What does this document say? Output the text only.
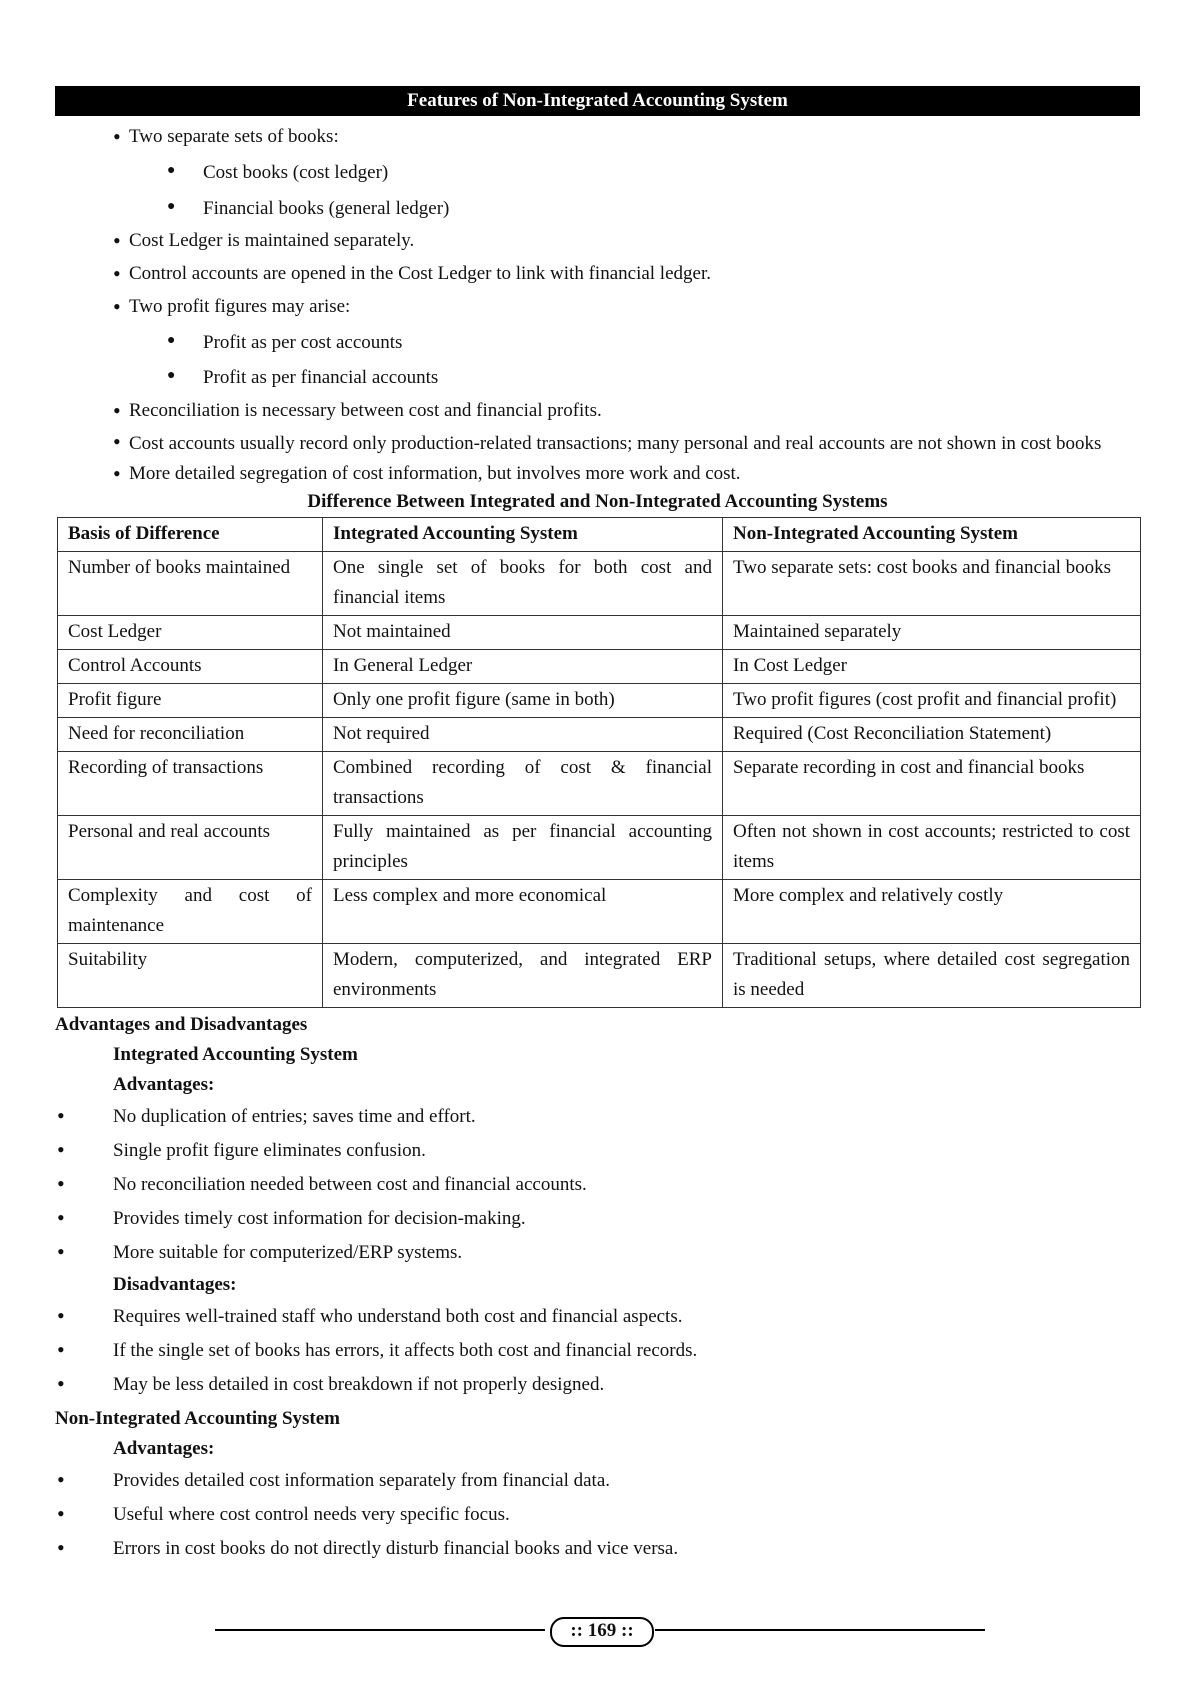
Features of Non-Integrated Accounting System
• Two separate sets of books:
● Cost books (cost ledger)
● Financial books (general ledger)
• Cost Ledger is maintained separately.
• Control accounts are opened in the Cost Ledger to link with financial ledger.
• Two profit figures may arise:
● Profit as per cost accounts
● Profit as per financial accounts
• Reconciliation is necessary between cost and financial profits.
• Cost accounts usually record only production-related transactions; many personal and real accounts are not shown in cost books
• More detailed segregation of cost information, but involves more work and cost.
Difference Between Integrated and Non-Integrated Accounting Systems
Basis of Difference	Integrated Accounting System	Non-Integrated Accounting System
Number of books maintained	One single set of books for both cost and financial items	Two separate sets: cost books and financial books
Cost Ledger	Not maintained	Maintained separately
Control Accounts	In General Ledger	In Cost Ledger
Profit figure	Only one profit figure (same in both)	Two profit figures (cost profit and financial profit)
Need for reconciliation	Not required	Required (Cost Reconciliation Statement)
Recording of transactions	Combined recording of cost & financial transactions	Separate recording in cost and financial books
Personal and real accounts	Fully maintained as per financial accounting principles	Often not shown in cost accounts; restricted to cost items
Complexity and cost of maintenance	Less complex and more economical	More complex and relatively costly
Suitability	Modern, computerized, and integrated ERP environments	Traditional setups, where detailed cost segregation is needed
Advantages and Disadvantages
Integrated Accounting System
Advantages:
• No duplication of entries; saves time and effort.
• Single profit figure eliminates confusion.
• No reconciliation needed between cost and financial accounts.
• Provides timely cost information for decision-making.
• More suitable for computerized/ERP systems.
Disadvantages:
• Requires well-trained staff who understand both cost and financial aspects.
• If the single set of books has errors, it affects both cost and financial records.
• May be less detailed in cost breakdown if not properly designed.
Non-Integrated Accounting System
Advantages:
• Provides detailed cost information separately from financial data.
• Useful where cost control needs very specific focus.
• Errors in cost books do not directly disturb financial books and vice versa.
:: 169 ::
